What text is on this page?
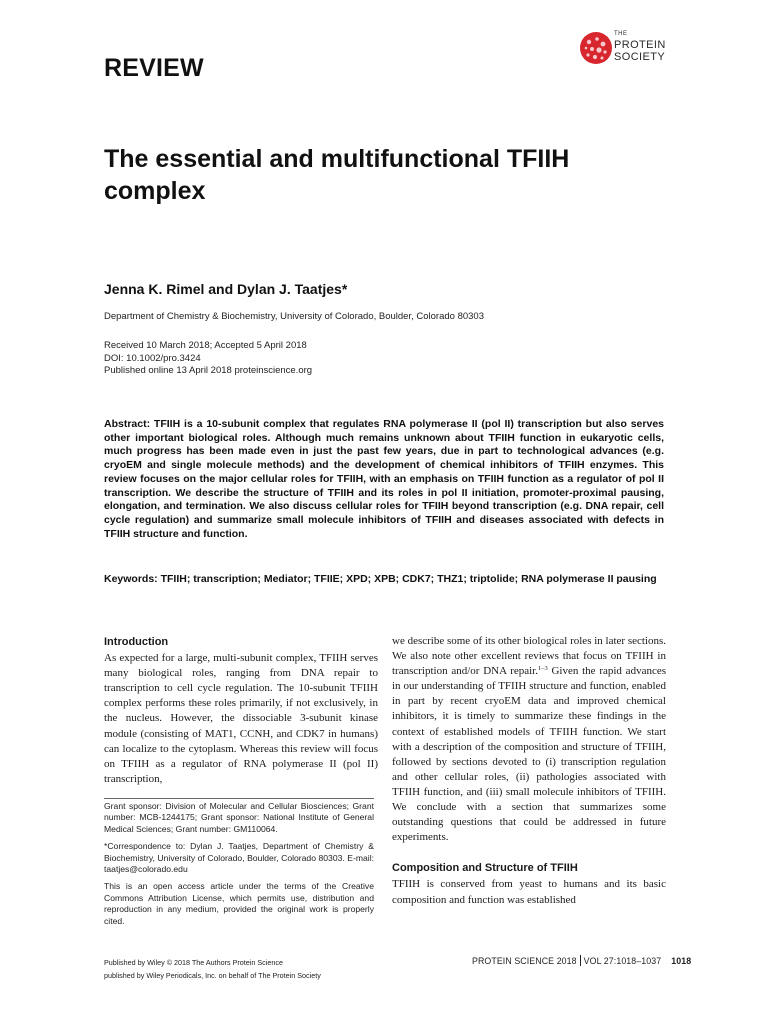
THE
PROTEIN
SOCIETY
REVIEW
The essential and multifunctional TFIIH complex
Jenna K. Rimel and Dylan J. Taatjes*
Department of Chemistry & Biochemistry, University of Colorado, Boulder, Colorado 80303
Received 10 March 2018; Accepted 5 April 2018
DOI: 10.1002/pro.3424
Published online 13 April 2018 proteinscience.org

Abstract: TFIIH is a 10-subunit complex that regulates RNA polymerase II (pol II) transcription but also serves other important biological roles. Although much remains unknown about TFIIH function in eukaryotic cells, much progress has been made even in just the past few years, due in part to technological advances (e.g. cryoEM and single molecule methods) and the development of chemical inhibitors of TFIIH enzymes. This review focuses on the major cellular roles for TFIIH, with an emphasis on TFIIH function as a regulator of pol II transcription. We describe the structure of TFIIH and its roles in pol II initiation, promoter-proximal pausing, elongation, and termination. We also discuss cellular roles for TFIIH beyond transcription (e.g. DNA repair, cell cycle regulation) and summarize small molecule inhibitors of TFIIH and diseases associated with defects in TFIIH structure and function.

Keywords: TFIIH; transcription; Mediator; TFIIE; XPD; XPB; CDK7; THZ1; triptolide; RNA polymerase II pausing

Introduction

As expected for a large, multi-subunit complex, TFIIH serves many biological roles, ranging from DNA repair to transcription to cell cycle regulation. The 10-subunit TFIIH complex performs these roles primarily, if not exclusively, in the nucleus. However, the dissociable 3-subunit kinase module (consisting of MAT1, CCNH, and CDK7 in humans) can localize to the cytoplasm. Whereas this review will focus on TFIIH as a regulator of RNA polymerase II (pol II) transcription,

Grant sponsor: Division of Molecular and Cellular Biosciences; Grant number: MCB-1244175; Grant sponsor: National Institute of General Medical Sciences; Grant number: GM110064.

*Correspondence to: Dylan J. Taatjes, Department of Chemistry & Biochemistry, University of Colorado, Boulder, Colorado 80303. E-mail: taatjes@colorado.edu

This is an open access article under the terms of the Creative Commons Attribution License, which permits use, distribution and reproduction in any medium, provided the original work is properly cited.

we describe some of its other biological roles in later sections. We also note other excellent reviews that focus on TFIIH in transcription and/or DNA repair.$^{1-3}$ Given the rapid advances in our understanding of TFIIH structure and function, enabled in part by recent cryoEM data and improved chemical inhibitors, it is timely to summarize these findings in the context of established models of TFIIH function. We start with a description of the composition and structure of TFIIH, followed by sections devoted to (i) transcription regulation and other cellular roles, (ii) pathologies associated with TFIIH function, and (iii) small molecule inhibitors of TFIIH. We conclude with a section that summarizes some outstanding questions that could be addressed in future experiments.

Composition and Structure of TFIIH

TFIIH is conserved from yeast to humans and its basic composition and function was established

Published by Wiley © 2018 The Authors Protein Science
published by Wiley Periodicals, Inc. on behalf of The Protein Society
PROTEIN SCIENCE 2018 VOL 27:1018–1037 1018
